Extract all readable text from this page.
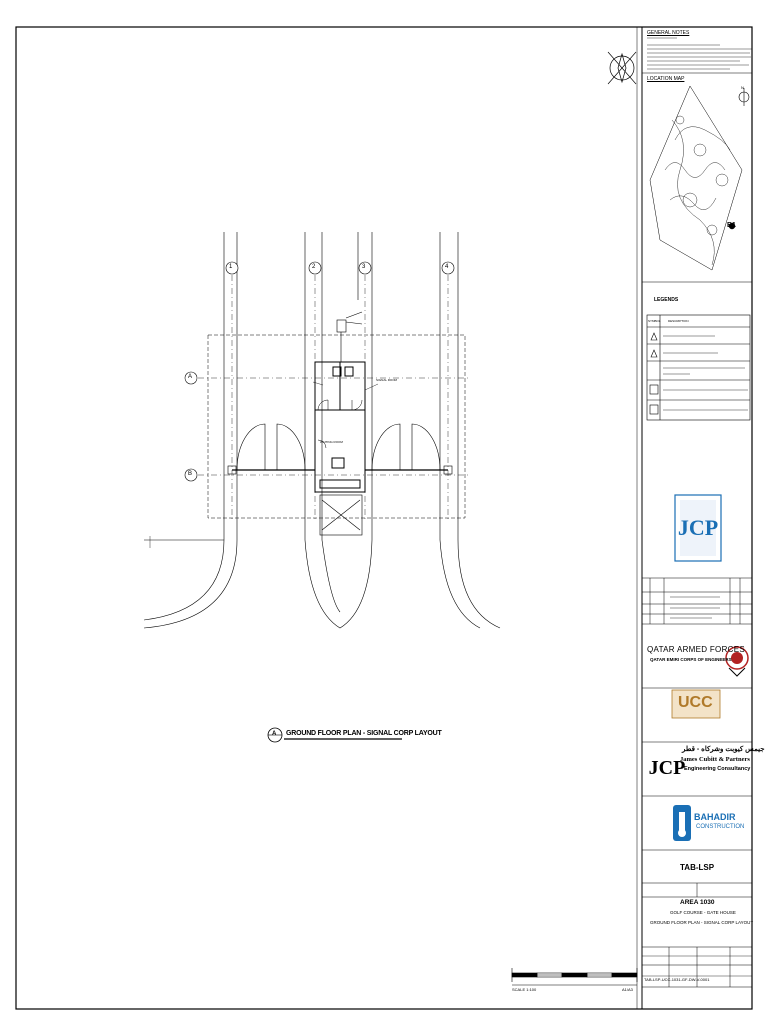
JCP
JCP
1	2	3	4
A
B
WAITING ROOM
SIGNAL ROOM
A GROUND FLOOR PLAN - SIGNAL CORP LAYOUT
SCALE 1:100	A1/A3
GENERAL NOTES
LOCATION MAP
N
B1
LEGENDS
SYMBOL DESCRIPTION
QATAR ARMED FORCES
QATAR EMIRI CORPS OF ENGINEERS
UCC
جيمس كيوبت وشركاه - قطر
James Cubitt & Partners
Engineering Consultancy
BAHADIR
CONSTRUCTION
TAB-LSP
AREA 1030
GOLF COURSE - GATE HOUSE
GROUND FLOOR PLAN - SIGNAL CORP LAYOUT
TAB-LSP-UCC-1031-GF-DW-V-0001
